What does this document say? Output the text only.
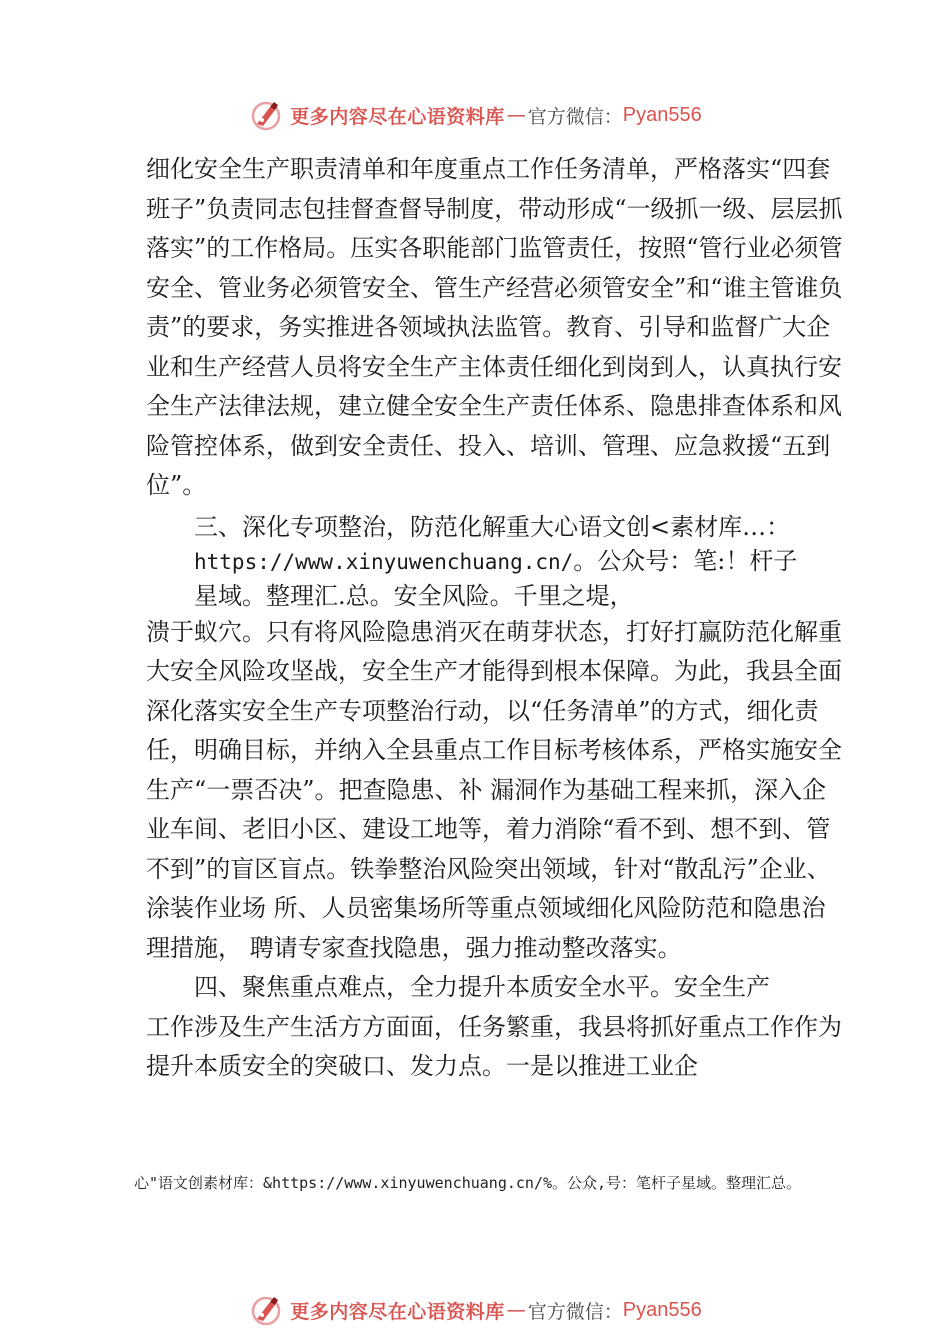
更多内容尽在心语资料库 — 官方微信： Pyan556

细化安全生产职责清单和年度重点工作任务清单，严格落实“四套班子”负责同志包挂督查督导制度，带动形成“一级抓一级、层层抓落实”的工作格局。压实各职能部门监管责任，按照“管行业必须管安全、管业务必须管安全、管生产经营必须管安全”和“谁主管谁负责”的要求，务实推进各领域执法监管。教育、引导和监督广大企业和生产经营人员将安全生产主体责任细化到岗到人，认真执行安全生产法律法规，建立健全安全生产责任体系、隐患排查体系和风险管控体系，做到安全责任、投入、培训、管理、应急救援“五到位”。

三、深化专项整治，防范化解重大心语文创<素材库…：
https://www.xinyuwenchuang.cn/。公众号：笔:！杆子
星域。整理汇.总。安全风险。千里之堤，

溃于蚁穴。只有将风险隐患消灭在萌芽状态，打好打赢防范化解重大安全风险攻坚战，安全生产才能得到根本保障。为此，我县全面深化落实安全生产专项整治行动，以“任务清单”的方式，细化责任，明确目标，并纳入全县重点工作目标考核体系，严格实施安全生产“一票否决”。把查隐患、补 漏洞作为基础工程来抓，深入企业车间、老旧小区、建设工地等，着力消除“看不到、想不到、管不到”的盲区盲点。铁拳整治风险突出领域，针对“散乱污”企业、涂装作业场 所、人员密集场所等重点领域细化风险防范和隐患治理措施， 聘请专家查找隐患，强力推动整改落实。

四、聚焦重点难点，全力提升本质安全水平。安全生产

工作涉及生产生活方方面面，任务繁重，我县将抓好重点工作作为提升本质安全的突破口、发力点。一是以推进工业企

心"语文创素材库：&https://www.xinyuwenchuang.cn/%。公众,号：笔杆子星域。整理汇总。
更多内容尽在心语资料库 — 官方微信： Pyan556
